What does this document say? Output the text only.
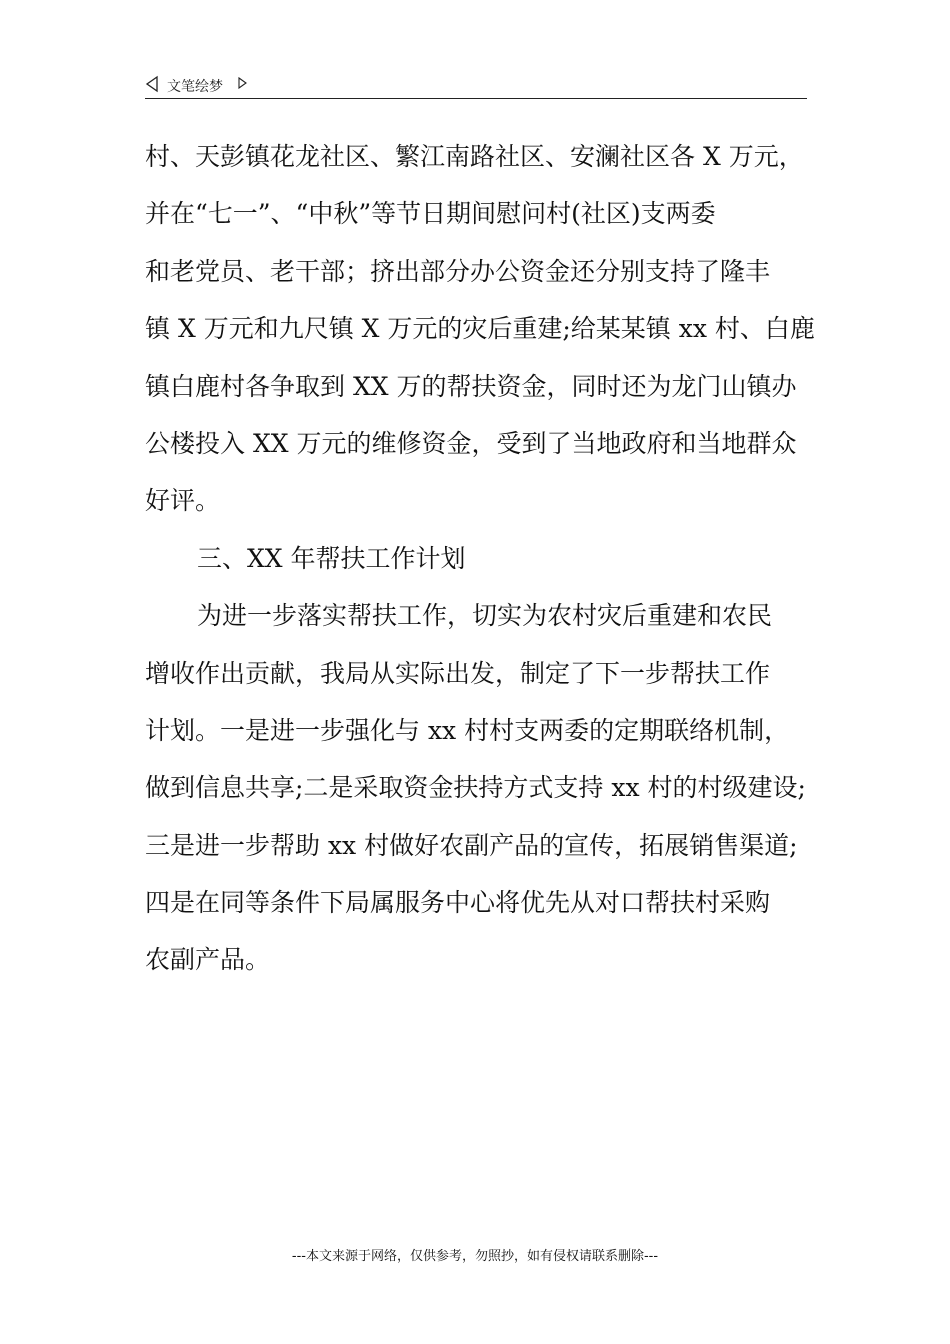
文笔绘梦
村、天彭镇花龙社区、繁江南路社区、安澜社区各 X 万元，
并在“七一”、“中秋”等节日期间慰问村(社区)支两委
和老党员、老干部；挤出部分办公资金还分别支持了隆丰
镇 X 万元和九尺镇 X 万元的灾后重建;给某某镇 xx 村、白鹿
镇白鹿村各争取到 XX 万的帮扶资金，同时还为龙门山镇办
公楼投入 XX 万元的维修资金，受到了当地政府和当地群众
好评。
三、XX 年帮扶工作计划
为进一步落实帮扶工作，切实为农村灾后重建和农民
增收作出贡献，我局从实际出发，制定了下一步帮扶工作
计划。一是进一步强化与 xx 村村支两委的定期联络机制，
做到信息共享;二是采取资金扶持方式支持 xx 村的村级建设;
三是进一步帮助 xx 村做好农副产品的宣传，拓展销售渠道;
四是在同等条件下局属服务中心将优先从对口帮扶村采购
农副产品。
---本文来源于网络，仅供参考，勿照抄，如有侵权请联系删除---
